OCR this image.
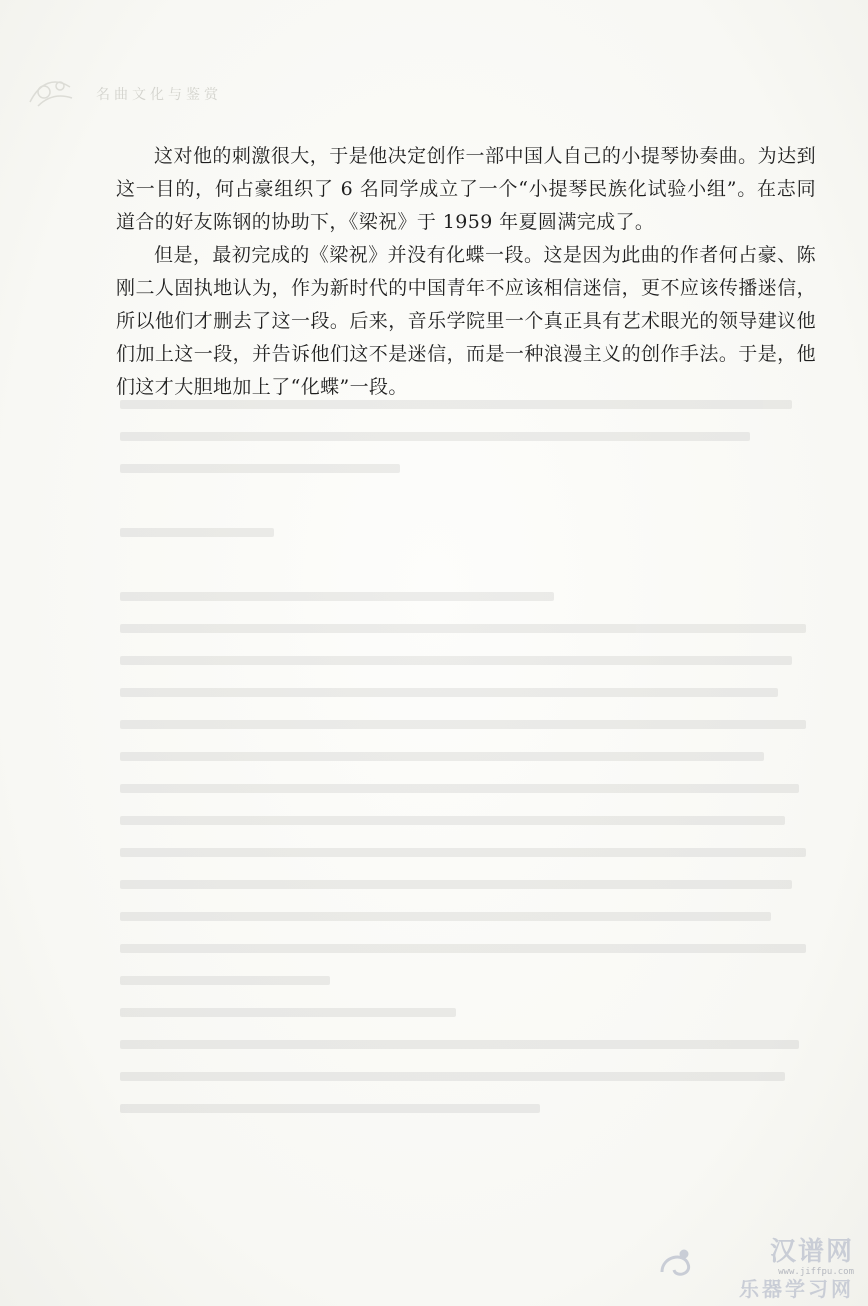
名曲文化与鉴赏

这对他的刺激很大，于是他决定创作一部中国人自己的小提琴协奏曲。为达到这一目的，何占豪组织了 6 名同学成立了一个“小提琴民族化试验小组”。在志同道合的好友陈钢的协助下，《梁祝》于 1959 年夏圆满完成了。

但是，最初完成的《梁祝》并没有化蝶一段。这是因为此曲的作者何占豪、陈刚二人固执地认为，作为新时代的中国青年不应该相信迷信，更不应该传播迷信，所以他们才删去了这一段。后来，音乐学院里一个真正具有艺术眼光的领导建议他们加上这一段，并告诉他们这不是迷信，而是一种浪漫主义的创作手法。于是，他们这才大胆地加上了“化蝶”一段。

汉谱网
www.jiffpu.com
乐器学习网
